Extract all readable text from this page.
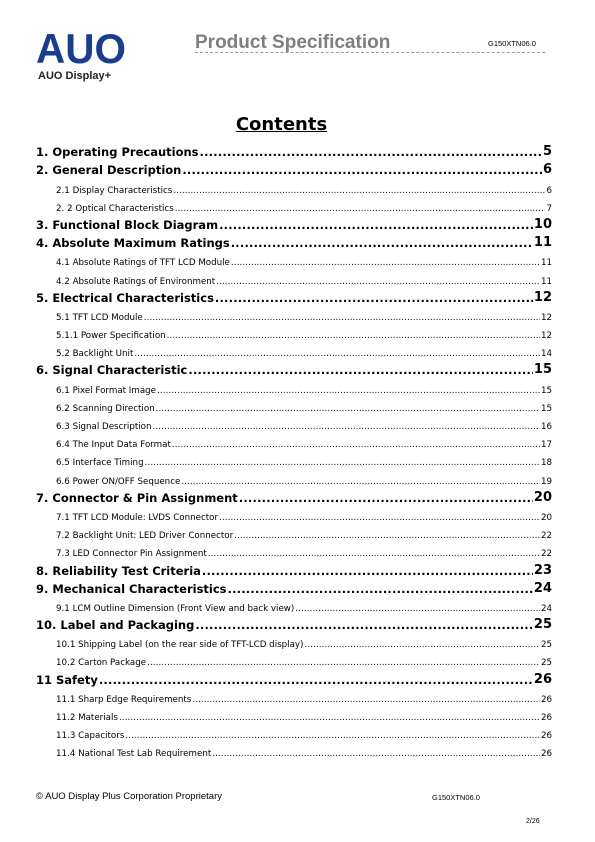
AUO
AUO Display+
Product Specification	G150XTN06.0
Contents
1. Operating Precautions .....	5
2. General Description .....	6
2.1 Display Characteristics .....	6
2. 2 Optical Characteristics .....	7
3. Functional Block Diagram .....	10
4. Absolute Maximum Ratings .....	11
4.1 Absolute Ratings of TFT LCD Module .....	11
4.2 Absolute Ratings of Environment .....	11
5. Electrical Characteristics .....	12
5.1 TFT LCD Module .....	12
5.1.1 Power Specification .....	12
5.2 Backlight Unit .....	14
6. Signal Characteristic .....	15
6.1 Pixel Format Image .....	15
6.2 Scanning Direction .....	15
6.3 Signal Description .....	16
6.4 The Input Data Format .....	17
6.5 Interface Timing .....	18
6.6 Power ON/OFF Sequence .....	19
7. Connector & Pin Assignment .....	20
7.1 TFT LCD Module: LVDS Connector .....	20
7.2 Backlight Unit: LED Driver Connector .....	22
7.3 LED Connector Pin Assignment .....	22
8. Reliability Test Criteria .....	23
9. Mechanical Characteristics .....	24
9.1 LCM Outline Dimension (Front View and back view) .....	24
10. Label and Packaging .....	25
10.1 Shipping Label (on the rear side of TFT-LCD display) .....	25
10.2 Carton Package .....	25
11 Safety .....	26
11.1 Sharp Edge Requirements .....	26
11.2 Materials .....	26
11.3 Capacitors .....	26
11.4 National Test Lab Requirement .....	26
© AUO Display Plus Corporation Proprietary	G150XTN06.0
2/26
